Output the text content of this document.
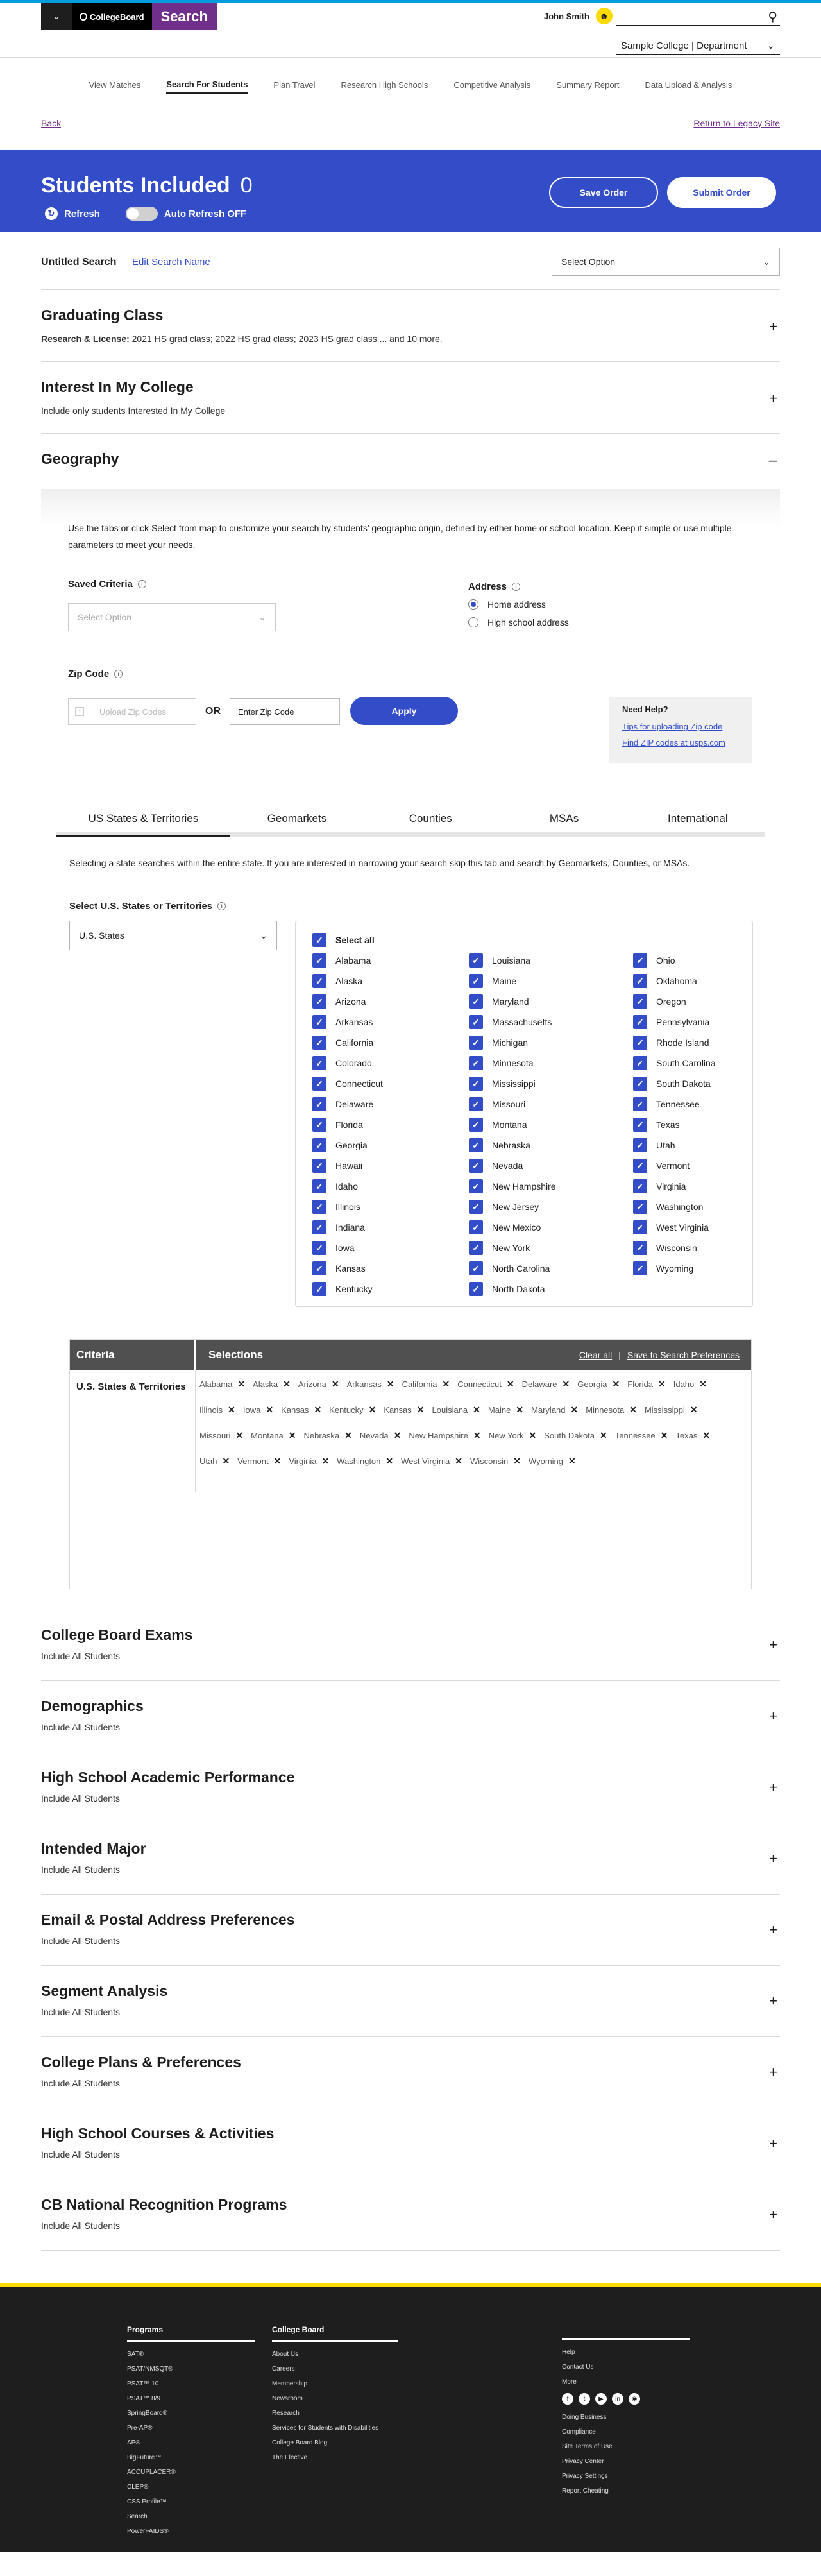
⌄	CollegeBoard	Search	John Smith	☻	⚲
Sample College | Department ⌄
View Matches	Search For Students	Plan Travel	Research High Schools	Competitive Analysis	Summary Report	Data Upload & Analysis
Back	Return to Legacy Site
Students Included 0
↻ Refresh	Auto Refresh OFF
Save Order	Submit Order
Untitled Search Edit Search Name	Select Option	⌄
Graduating Class
Research & License: 2021 HS grad class; 2022 HS grad class; 2023 HS grad class ... and 10 more.
+
Interest In My College
Include only students Interested In My College
+
Geography	–
Use the tabs or click Select from map to customize your search by students' geographic origin, defined by either home or school location. Keep it simple or use multiple parameters to meet your needs.
Saved Criteria	i
Select Option	⌄
Address	i
Home address
High school address
Zip Code	i
↑	Upload Zip Codes	OR Enter Zip Code	Apply	Need Help?
Tips for uploading Zip code
Find ZIP codes at usps.com
US States & Territories	Geomarkets	Counties	MSAs	International
Selecting a state searches within the entire state. If you are interested in narrowing your search skip this tab and search by Geomarkets, Counties, or MSAs.
Select U.S. States or Territories	i
U.S. States	⌄	✓	Select all
✓	Alabama
✓	Alaska
✓	Arizona
✓	Arkansas
✓	California
✓	Colorado
✓	Connecticut
✓	Delaware
✓	Florida
✓	Georgia
✓	Hawaii
✓	Idaho
✓	Illinois
✓	Indiana
✓	Iowa
✓	Kansas
✓	Kentucky
✓	Louisiana
✓	Maine
✓	Maryland
✓	Massachusetts
✓	Michigan
✓	Minnesota
✓	Mississippi
✓	Missouri
✓	Montana
✓	Nebraska
✓	Nevada
✓	New Hampshire
✓	New Jersey
✓	New Mexico
✓	New York
✓	North Carolina
✓	North Dakota
✓	Ohio
✓	Oklahoma
✓	Oregon
✓	Pennsylvania
✓	Rhode Island
✓	South Carolina
✓	South Dakota
✓	Tennessee
✓	Texas
✓	Utah
✓	Vermont
✓	Virginia
✓	Washington
✓	West Virginia
✓	Wisconsin
✓	Wyoming
Criteria	Selections	Clear all | Save to Search Preferences
U.S. States & Territories	Alabama ✕ Alaska ✕ Arizona ✕ Arkansas ✕ California ✕ Connecticut ✕ Delaware ✕ Georgia ✕ Florida ✕ Idaho ✕
Illinois ✕ Iowa ✕ Kansas ✕ Kentucky ✕ Kansas ✕ Louisiana ✕ Maine ✕ Maryland ✕ Minnesota ✕ Mississippi ✕
Missouri ✕ Montana ✕ Nebraska ✕ Nevada ✕ New Hampshire ✕ New York ✕ South Dakota ✕ Tennessee ✕ Texas ✕
Utah ✕ Vermont ✕ Virginia ✕ Washington ✕ West Virginia ✕ Wisconsin ✕ Wyoming ✕
College Board Exams
Include All Students
+
Demographics
Include All Students
+
High School Academic Performance
Include All Students
+
Intended Major
Include All Students
+
Email & Postal Address Preferences
Include All Students
+
Segment Analysis
Include All Students
+
College Plans & Preferences
Include All Students
+
High School Courses & Activities
Include All Students
+
CB National Recognition Programs
Include All Students
+
Programs
SAT®
PSAT/NMSQT®
PSAT™ 10
PSAT™ 8/9
SpringBoard®
Pre-AP®
AP®
BigFuture™
ACCUPLACER®
CLEP®
CSS Profile™
Search
PowerFAIDS®
College Board
About Us
Careers
Membership
Newsroom
Research
Services for Students with Disabilities
College Board Blog
The Elective
Help
Contact Us
More
f	t	▶	in	◉
Doing Business
Compliance
Site Terms of Use
Privacy Center
Privacy Settings
Report Cheating
